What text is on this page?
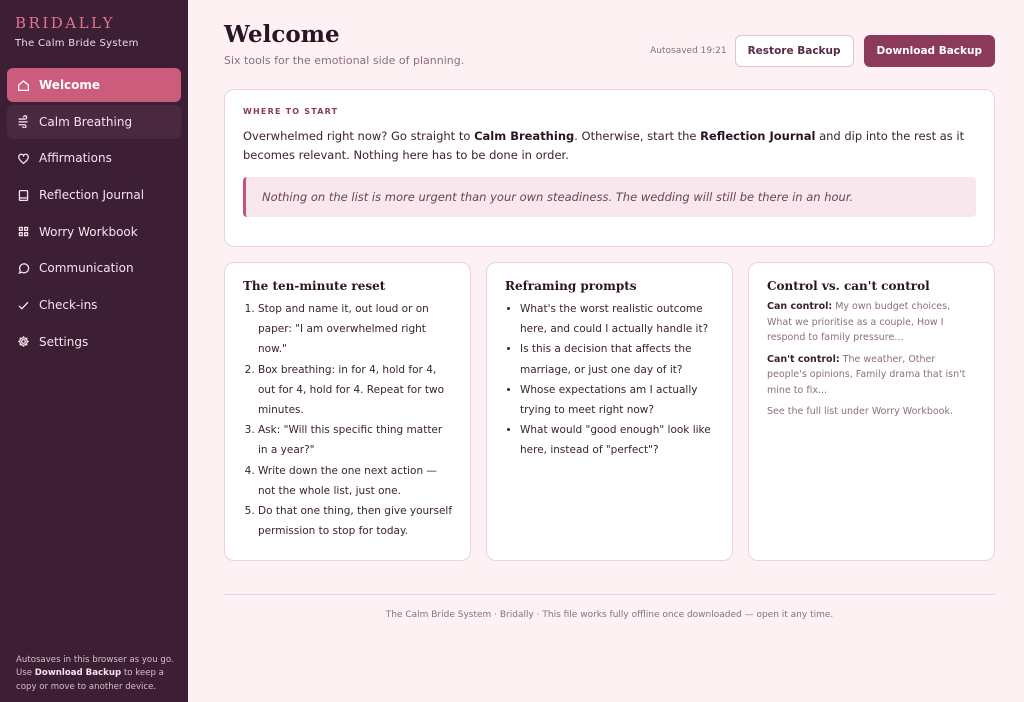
BRIDALLY
The Calm Bride System
Welcome
Calm Breathing
Affirmations
Reflection Journal
Worry Workbook
Communication
Check-ins
Settings
Autosaves in this browser as you go.
Use Download Backup to keep a copy or move to another device.
Welcome
Six tools for the emotional side of planning.
Autosaved 19:21	Restore Backup	Download Backup
WHERE TO START

Overwhelmed right now? Go straight to Calm Breathing. Otherwise, start the Reflection Journal and dip into the rest as it becomes relevant. Nothing here has to be done in order.

Nothing on the list is more urgent than your own steadiness. The wedding will still be there in an hour.
The ten-minute reset
1. Stop and name it, out loud or on paper: "I am overwhelmed right now."
2. Box breathing: in for 4, hold for 4, out for 4, hold for 4. Repeat for two minutes.
3. Ask: "Will this specific thing matter in a year?"
4. Write down the one next action — not the whole list, just one.
5. Do that one thing, then give yourself permission to stop for today.
Reframing prompts
• What's the worst realistic outcome here, and could I actually handle it?
• Is this a decision that affects the marriage, or just one day of it?
• Whose expectations am I actually trying to meet right now?
• What would "good enough" look like here, instead of "perfect"?
Control vs. can't control

Can control: My own budget choices, What we prioritise as a couple, How I respond to family pressure...

Can't control: The weather, Other people's opinions, Family drama that isn't mine to fix...

See the full list under Worry Workbook.

The Calm Bride System · Bridally · This file works fully offline once downloaded — open it any time.
